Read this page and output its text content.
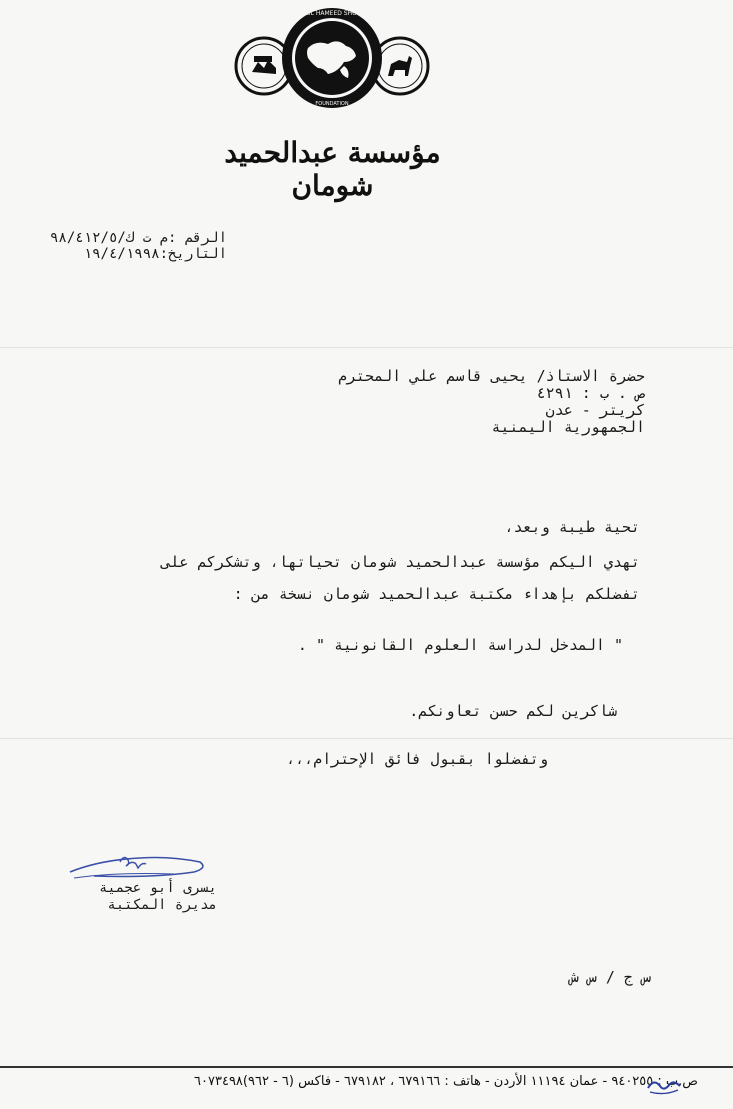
ABDUL HAMEED SHOMAN
FOUNDATION
مؤسسة عبدالحميد شومان
الرقم :م ت ك/٩٨/٤١٢/٥
التاريخ:١٩/٤/١٩٩٨
حضرة الاستاذ/ يحيى قاسم علي المحترم
ص . ب : ٤٢٩١
كريتر - عدن
الجمهورية اليمنية
تحية طيبة وبعد،
تهدي اليكم مؤسسة عبدالحميد شومان تحياتها، وتشكركم على
تفضلكم بإهداء مكتبة عبدالحميد شومان نسخة من :
" المدخل لدراسة العلوم القانونية " .
شاكرين لكم حسن تعاونكم.
وتفضلوا بقبول فائق الإحترام،،،
يسرى أبو عجمية
مديرة المكتبة
س ج / س ش
ص.ب : ٩٤٠٢٥٥ - عمان ١١١٩٤ الأردن - هاتف : ٦٧٩١٦٦ ، ٦٧٩١٨٢ - فاكس (٦ - ٩٦٢)٦٠٧٣٤٩٨
